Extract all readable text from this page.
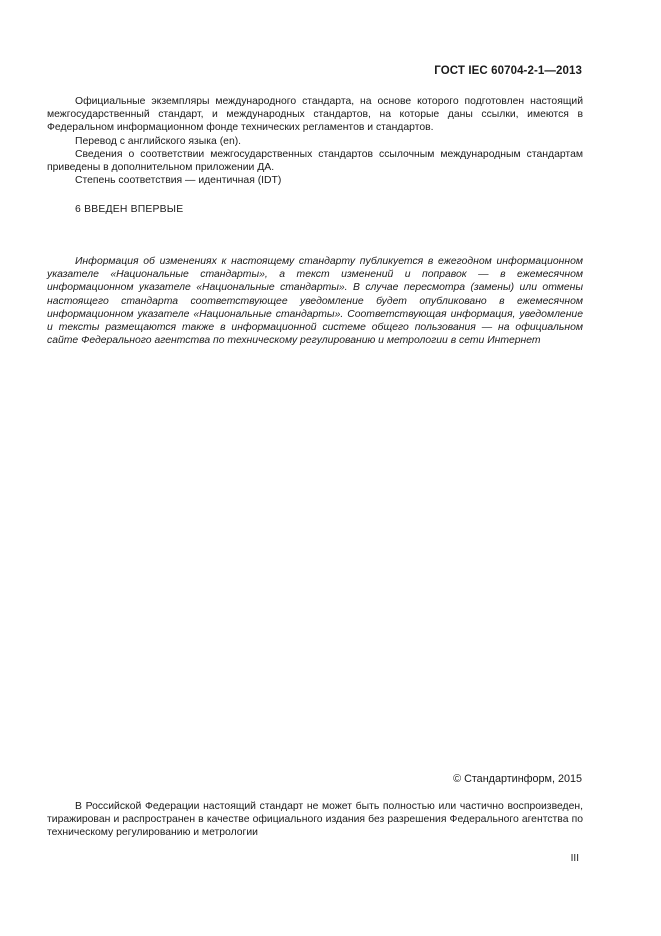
ГОСТ IEC 60704-2-1—2013

Официальные экземпляры международного стандарта, на основе которого подготовлен настоящий межгосударственный стандарт, и международных стандартов, на которые даны ссылки, имеются в Федеральном информационном фонде технических регламентов и стандартов.

Перевод с английского языка (en).

Сведения о соответствии межгосударственных стандартов ссылочным международным стандартам приведены в дополнительном приложении ДА.

Степень соответствия — идентичная (IDT)

6 ВВЕДЕН ВПЕРВЫЕ

Информация об изменениях к настоящему стандарту публикуется в ежегодном информационном указателе «Национальные стандарты», а текст изменений и поправок — в ежемесячном информационном указателе «Национальные стандарты». В случае пересмотра (замены) или отмены настоящего стандарта соответствующее уведомление будет опубликовано в ежемесячном информационном указателе «Национальные стандарты». Соответствующая информация, уведомление и тексты размещаются также в информационной системе общего пользования — на официальном сайте Федерального агентства по техническому регулированию и метрологии в сети Интернет

© Стандартинформ, 2015

В Российской Федерации настоящий стандарт не может быть полностью или частично воспроизведен, тиражирован и распространен в качестве официального издания без разрешения Федерального агентства по техническому регулированию и метрологии

III
